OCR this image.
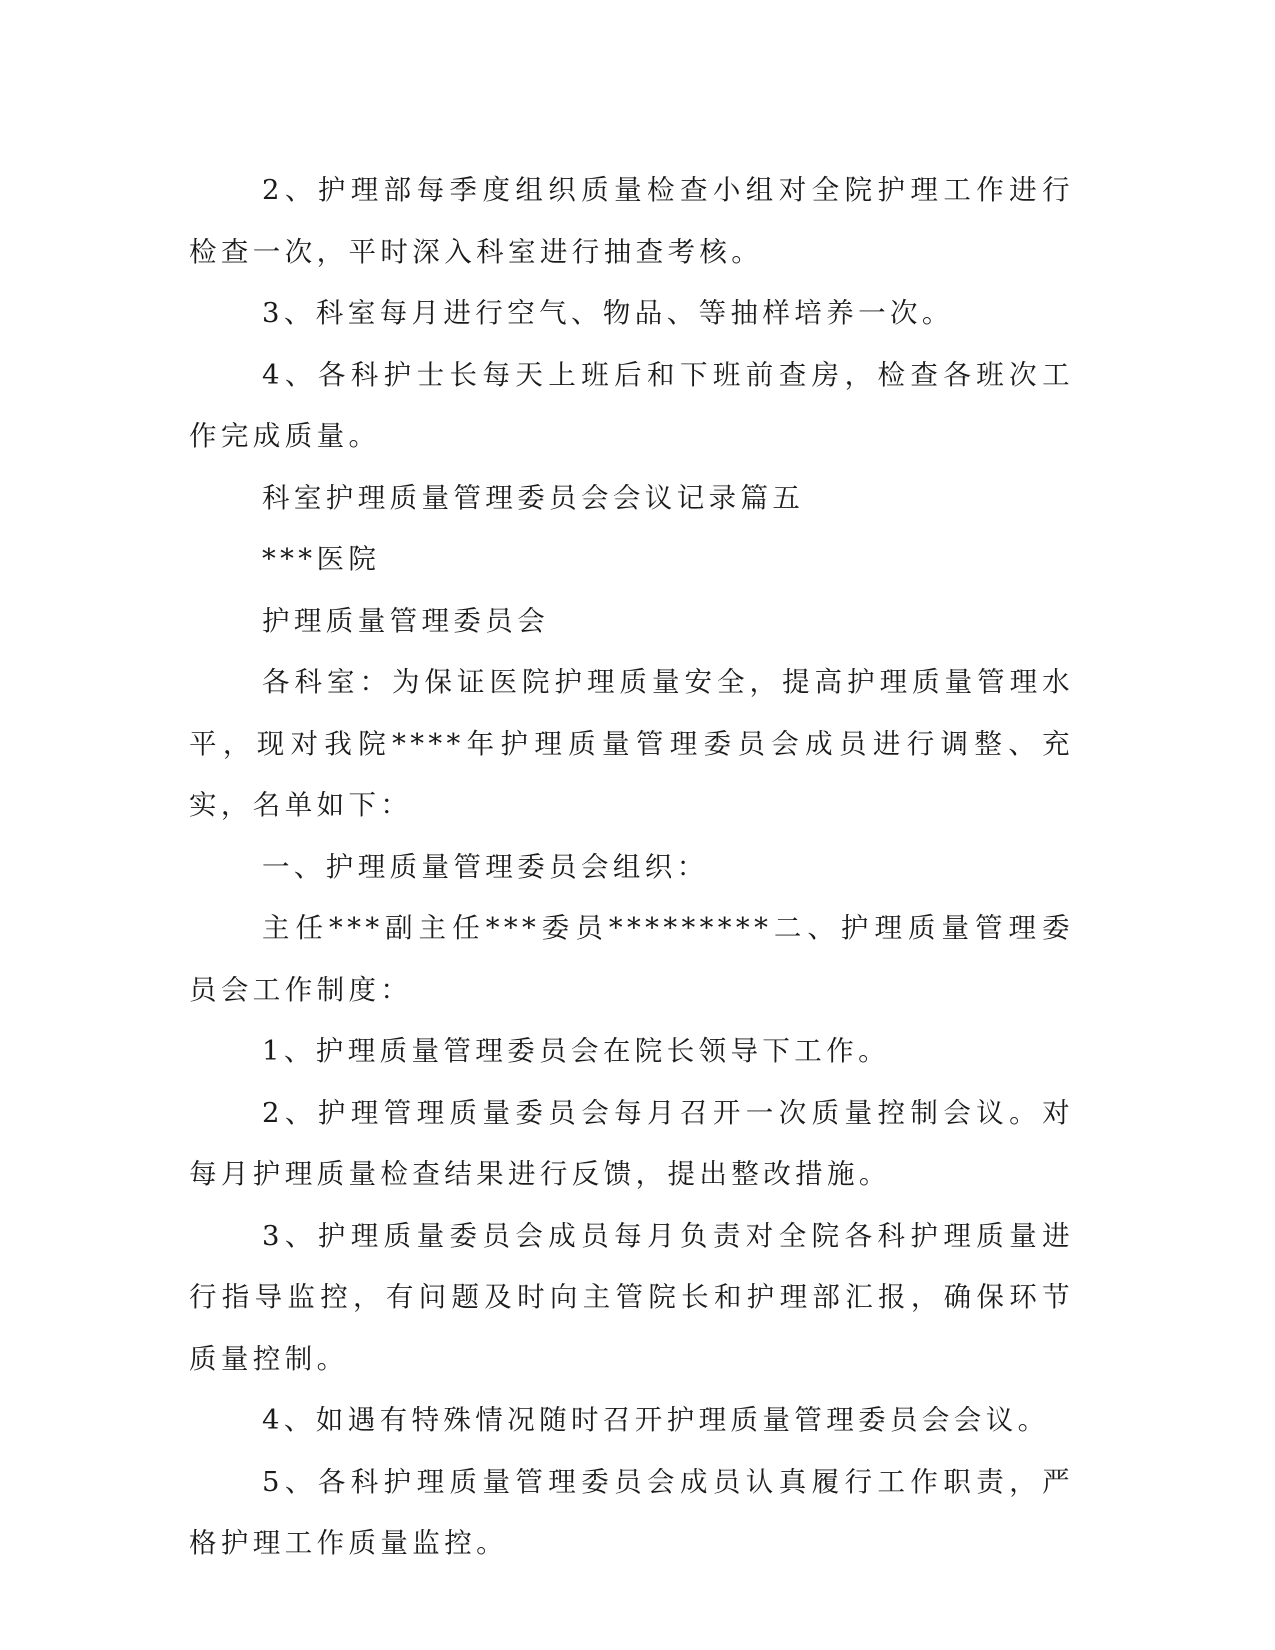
2、护理部每季度组织质量检查小组对全院护理工作进行检查一次，平时深入科室进行抽查考核。

3、科室每月进行空气、物品、等抽样培养一次。

4、各科护士长每天上班后和下班前查房，检查各班次工作完成质量。

科室护理质量管理委员会会议记录篇五

***医院

护理质量管理委员会

各科室：为保证医院护理质量安全，提高护理质量管理水平，现对我院****年护理质量管理委员会成员进行调整、充实，名单如下：

一、护理质量管理委员会组织：

主任***副主任***委员*********二、护理质量管理委员会工作制度：

1、护理质量管理委员会在院长领导下工作。

2、护理管理质量委员会每月召开一次质量控制会议。对每月护理质量检查结果进行反馈，提出整改措施。

3、护理质量委员会成员每月负责对全院各科护理质量进行指导监控，有问题及时向主管院长和护理部汇报，确保环节质量控制。

4、如遇有特殊情况随时召开护理质量管理委员会会议。

5、各科护理质量管理委员会成员认真履行工作职责，严格护理工作质量监控。
